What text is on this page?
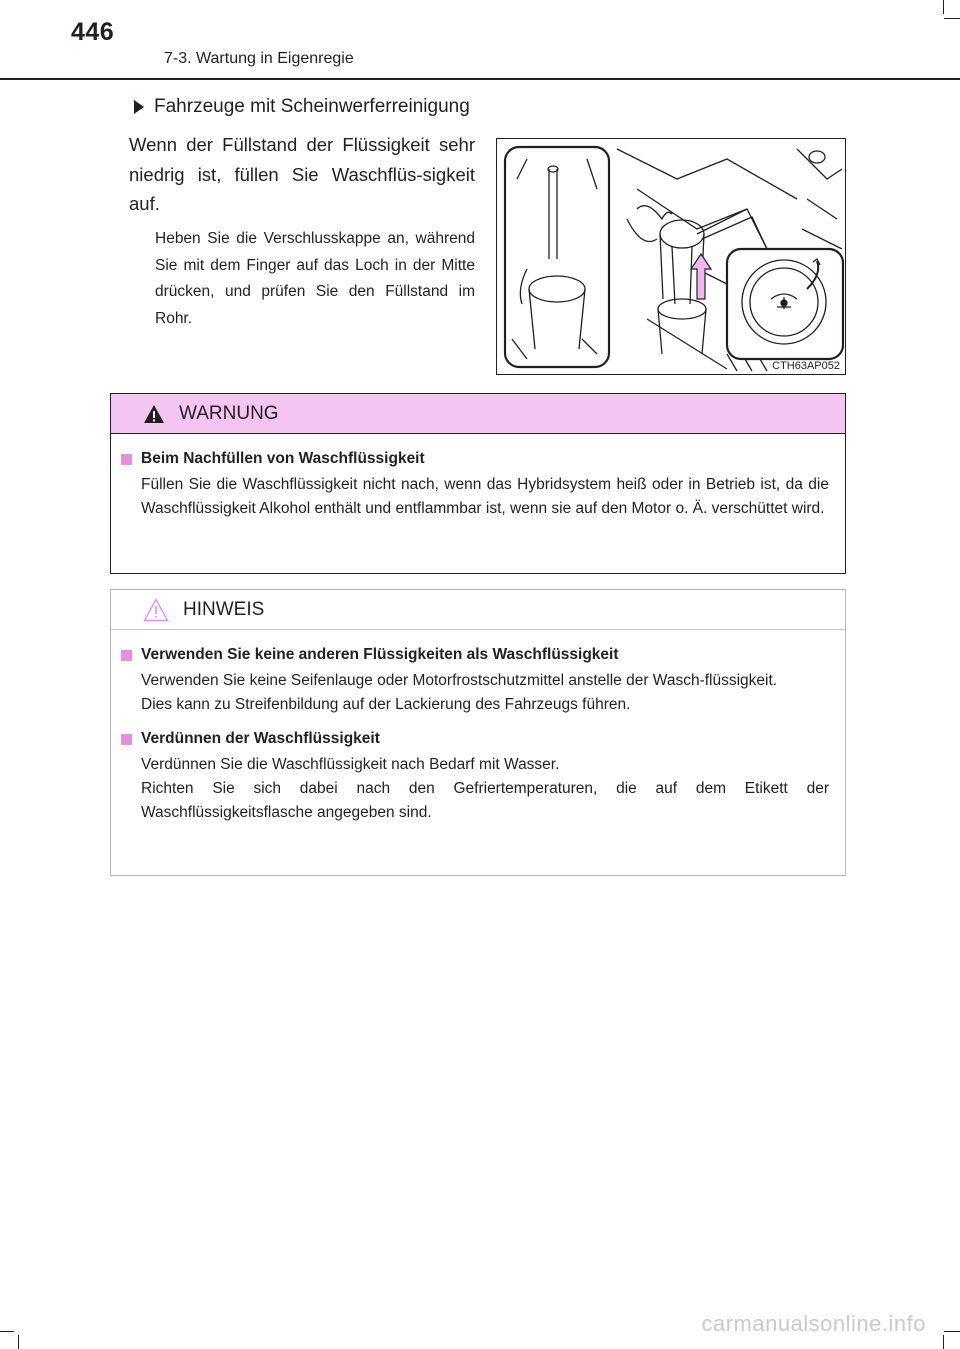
446
7-3. Wartung in Eigenregie
Fahrzeuge mit Scheinwerferreinigung
Wenn der Füllstand der Flüssigkeit sehr niedrig ist, füllen Sie Waschflüs-sigkeit auf.
Heben Sie die Verschlusskappe an, während Sie mit dem Finger auf das Loch in der Mitte drücken, und prüfen Sie den Füllstand im Rohr.
CTH63AP052
WARNUNG
Beim Nachfüllen von Waschflüssigkeit

Füllen Sie die Waschflüssigkeit nicht nach, wenn das Hybridsystem heiß oder in Betrieb ist, da die Waschflüssigkeit Alkohol enthält und entflammbar ist, wenn sie auf den Motor o. Ä. verschüttet wird.

HINWEIS
Verwenden Sie keine anderen Flüssigkeiten als Waschflüssigkeit

Verwenden Sie keine Seifenlauge oder Motorfrostschutzmittel anstelle der Wasch-flüssigkeit.

Dies kann zu Streifenbildung auf der Lackierung des Fahrzeugs führen.

Verdünnen der Waschflüssigkeit

Verdünnen Sie die Waschflüssigkeit nach Bedarf mit Wasser.

Richten Sie sich dabei nach den Gefriertemperaturen, die auf dem Etikett der Waschflüssigkeitsflasche angegeben sind.

carmanualsonline.info
